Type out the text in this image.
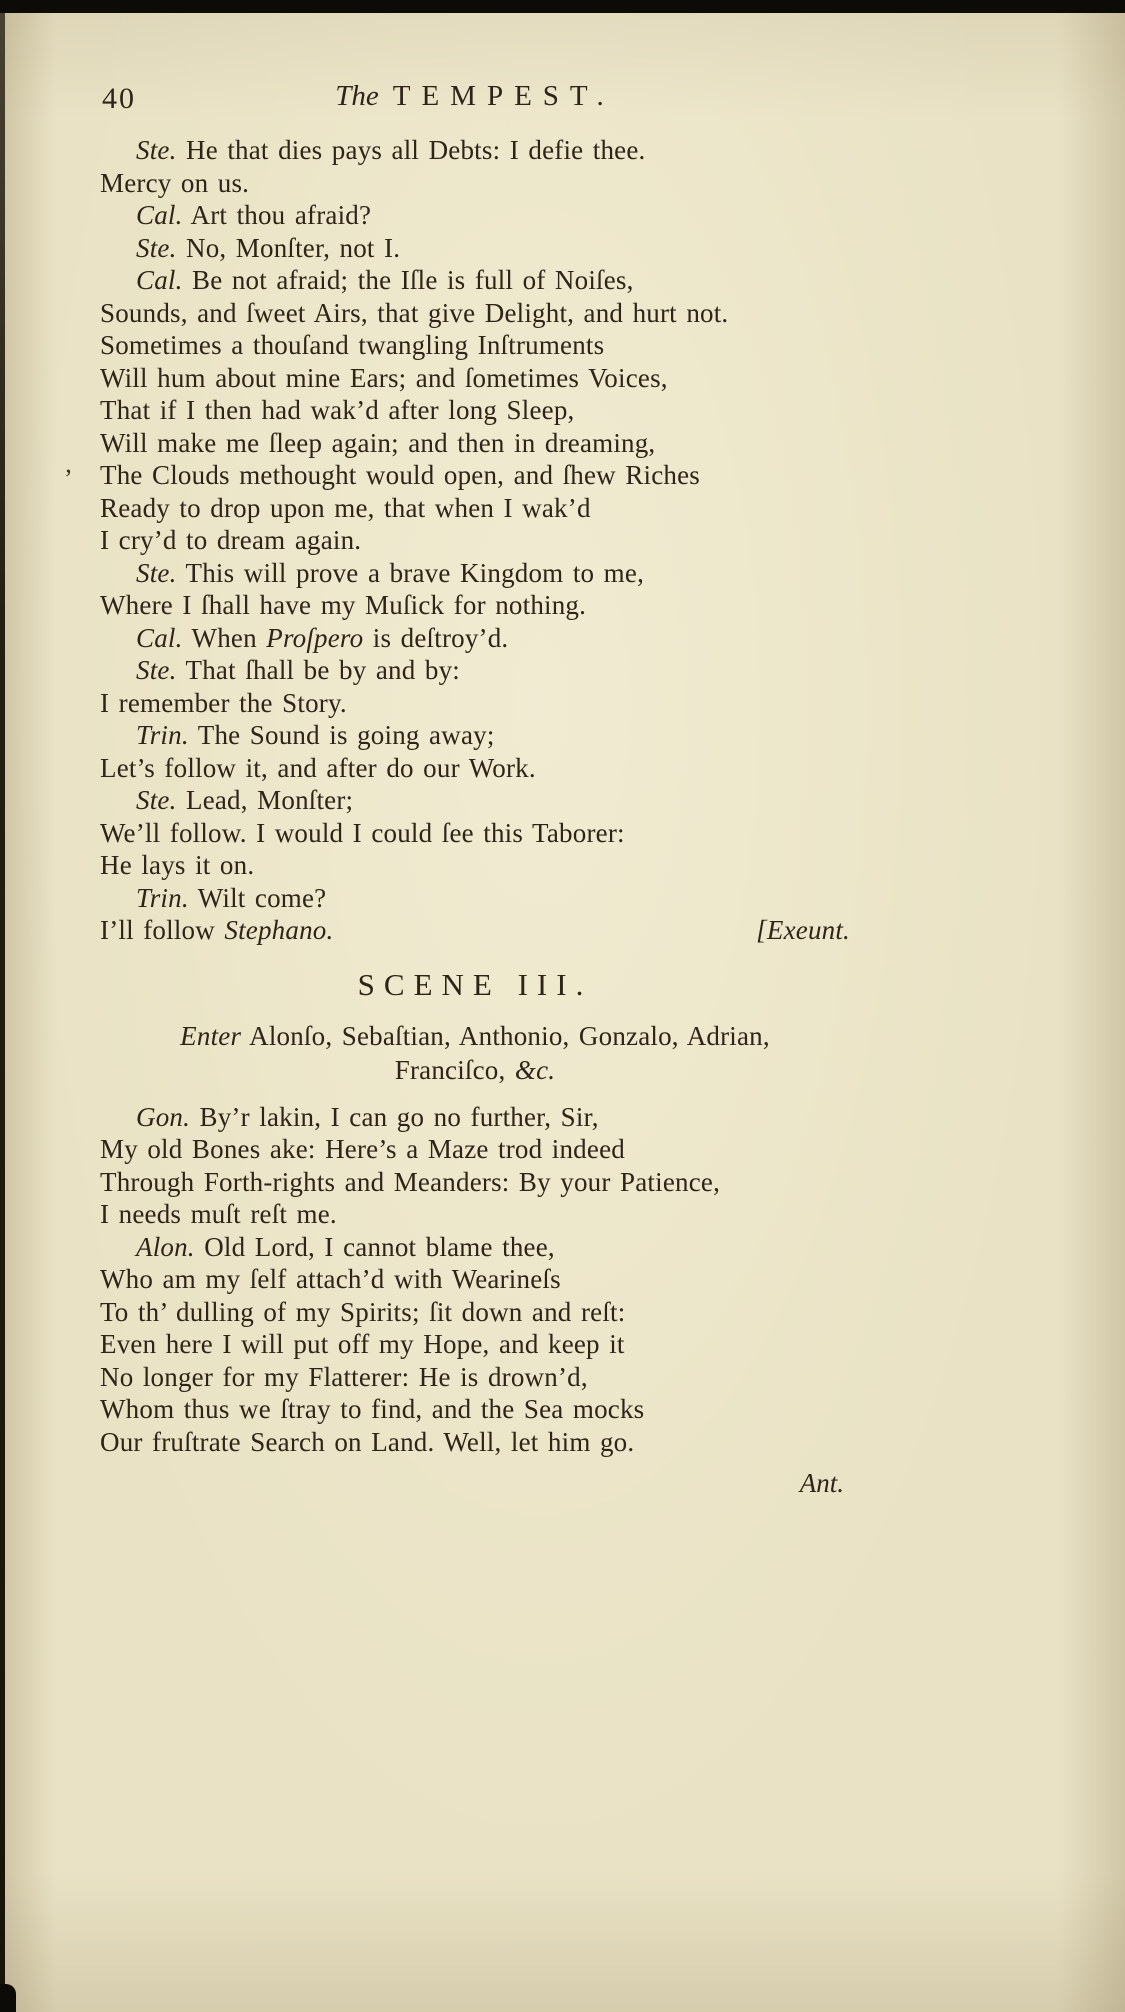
’
40	The TEMPEST.
Ste. He that dies pays all Debts: I defie thee.
Mercy on us.
Cal. Art thou afraid?
Ste. No, Monſter, not I.
Cal. Be not afraid; the Iſle is full of Noiſes,
Sounds, and ſweet Airs, that give Delight, and hurt not.
Sometimes a thouſand twangling Inſtruments
Will hum about mine Ears; and ſometimes Voices,
That if I then had wak’d after long Sleep,
Will make me ſleep again; and then in dreaming,
The Clouds methought would open, and ſhew Riches
Ready to drop upon me, that when I wak’d
I cry’d to dream again.
Ste. This will prove a brave Kingdom to me,
Where I ſhall have my Muſick for nothing.
Cal. When Proſpero is deſtroy’d.
Ste. That ſhall be by and by:
I remember the Story.
Trin. The Sound is going away;
Let’s follow it, and after do our Work.
Ste. Lead, Monſter;
We’ll follow. I would I could ſee this Taborer:
He lays it on.
Trin. Wilt come?
[Exeunt.
I’ll follow Stephano.
SCENE III.
Enter Alonſo, Sebaſtian, Anthonio, Gonzalo, Adrian,
Franciſco, &c.
Gon. By’r lakin, I can go no further, Sir,
My old Bones ake: Here’s a Maze trod indeed
Through Forth-rights and Meanders: By your Patience,
I needs muſt reſt me.
Alon. Old Lord, I cannot blame thee,
Who am my ſelf attach’d with Wearineſs
To th’ dulling of my Spirits; ſit down and reſt:
Even here I will put off my Hope, and keep it
No longer for my Flatterer: He is drown’d,
Whom thus we ſtray to find, and the Sea mocks
Our fruſtrate Search on Land. Well, let him go.
Ant.
